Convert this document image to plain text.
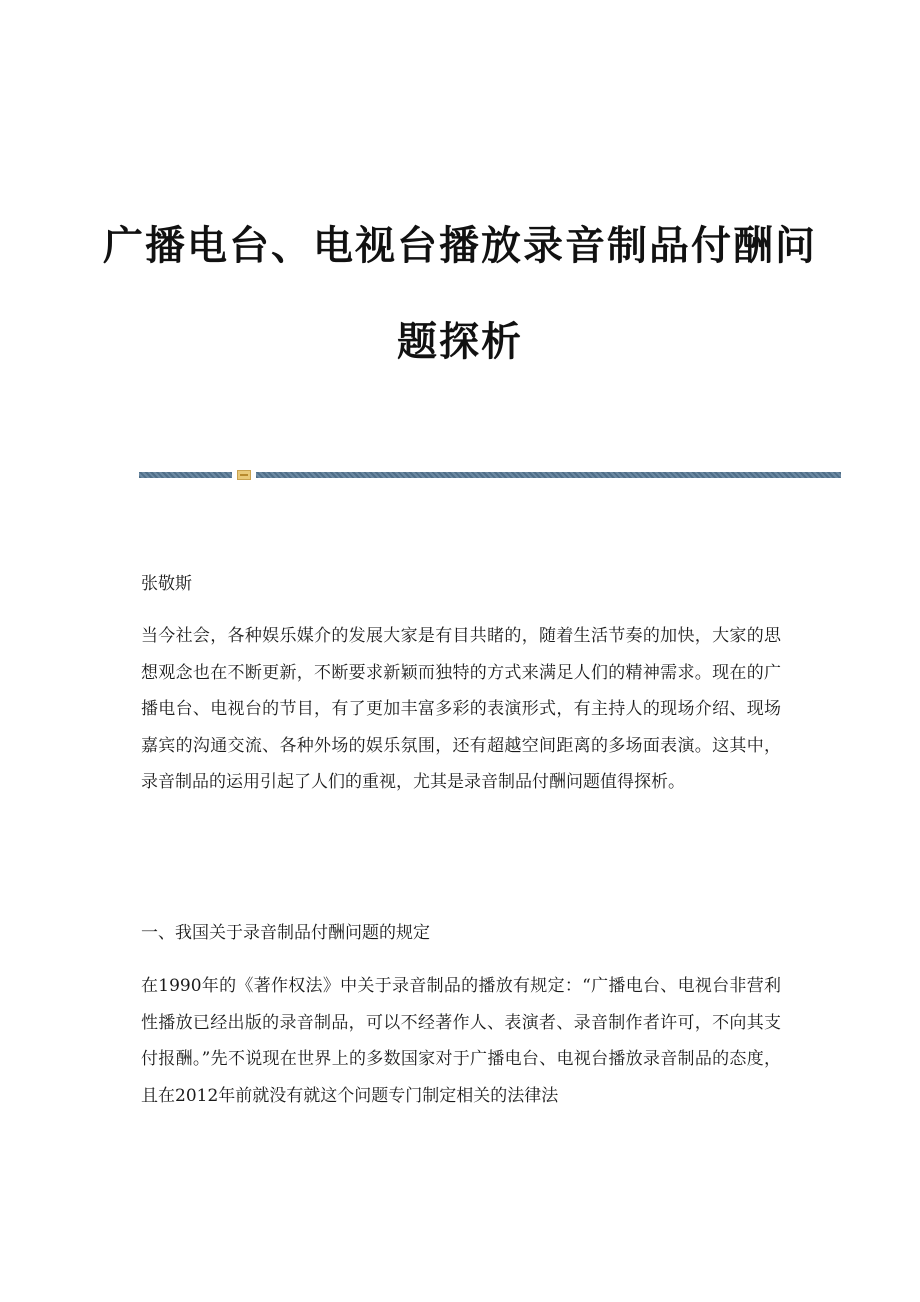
广播电台、电视台播放录音制品付酬问
题探析

张敬斯

当今社会，各种娱乐媒介的发展大家是有目共睹的，随着生活节奏的加快，大家的思想观念也在不断更新，不断要求新颖而独特的方式来满足人们的精神需求。现在的广播电台、电视台的节目，有了更加丰富多彩的表演形式，有主持人的现场介绍、现场嘉宾的沟通交流、各种外场的娱乐氛围，还有超越空间距离的多场面表演。这其中，录音制品的运用引起了人们的重视，尤其是录音制品付酬问题值得探析。

一、我国关于录音制品付酬问题的规定

在1990年的《著作权法》中关于录音制品的播放有规定：“广播电台、电视台非营利性播放已经出版的录音制品，可以不经著作人、表演者、录音制作者许可，不向其支付报酬。”先不说现在世界上的多数国家对于广播电台、电视台播放录音制品的态度，且在2012年前就没有就这个问题专门制定相关的法律法
